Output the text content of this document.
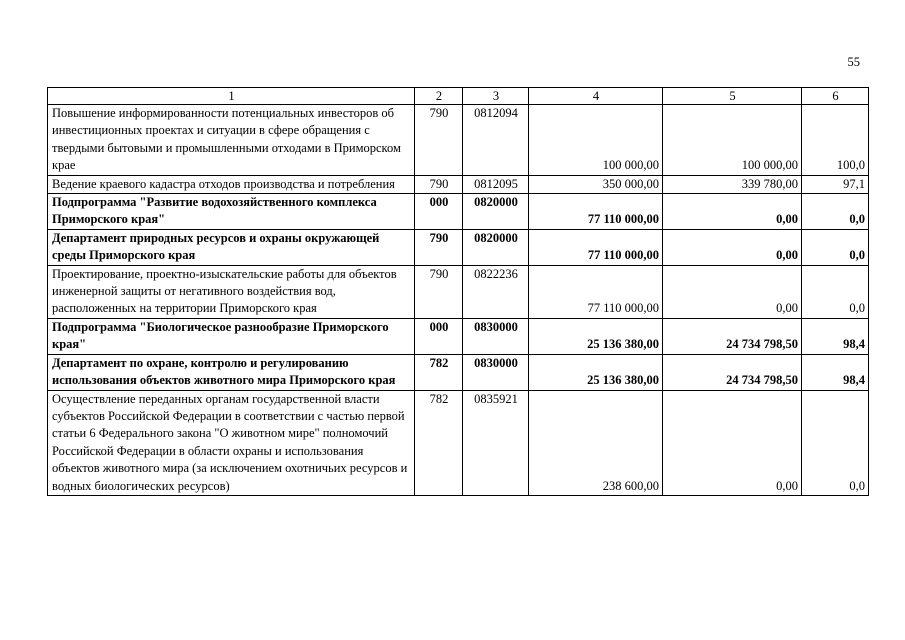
55
1	2	3	4	5	6
Повышение информированности потенциальных инвесторов об инвестиционных проектах и ситуации в сфере обращения с твердыми бытовыми и промышленными отходами в Приморском крае	790	0812094	100 000,00	100 000,00	100,0
Ведение краевого кадастра отходов производства и потребления	790	0812095	350 000,00	339 780,00	97,1
Подпрограмма "Развитие водохозяйственного комплекса Приморского края"	000	0820000	77 110 000,00	0,00	0,0
Департамент природных ресурсов и охраны окружающей среды Приморского края	790	0820000	77 110 000,00	0,00	0,0
Проектирование, проектно-изыскательские работы для объектов инженерной защиты от негативного воздействия вод, расположенных на территории Приморского края	790	0822236	77 110 000,00	0,00	0,0
Подпрограмма "Биологическое разнообразие Приморского края"	000	0830000	25 136 380,00	24 734 798,50	98,4
Департамент по охране, контролю и регулированию использования объектов животного мира Приморского края	782	0830000	25 136 380,00	24 734 798,50	98,4
Осуществление переданных органам государственной власти субъектов Российской Федерации в соответствии с частью первой статьи 6 Федерального закона "О животном мире" полномочий Российской Федерации в области охраны и использования объектов животного мира (за исключением охотничьих ресурсов и водных биологических ресурсов)	782	0835921	238 600,00	0,00	0,0
